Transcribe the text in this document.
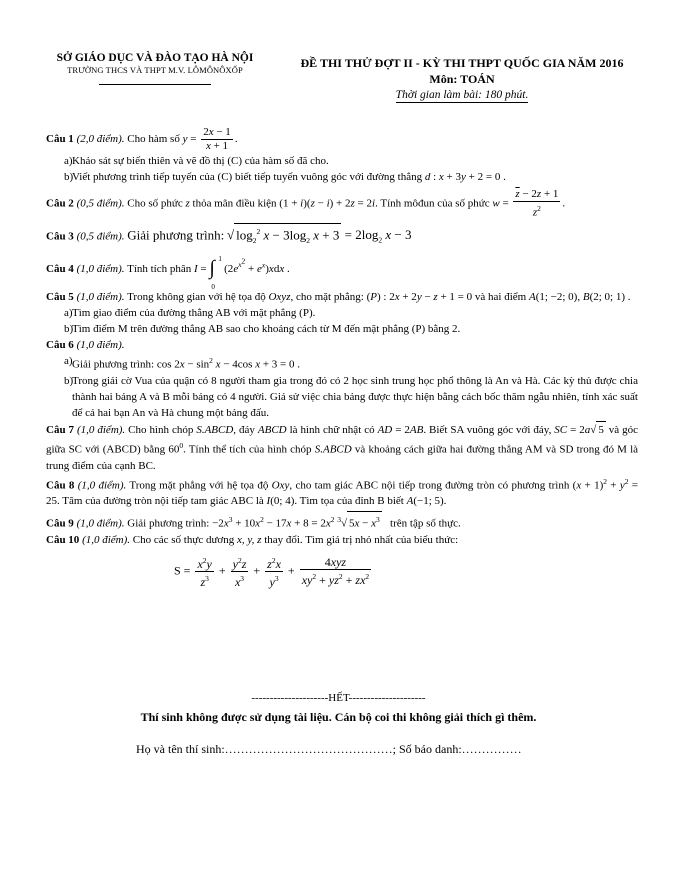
SỞ GIÁO DỤC VÀ ĐÀO TẠO HÀ NỘI
TRƯỜNG THCS VÀ THPT M.V. LÔMÔNÔXỐP	ĐỀ THI THỬ ĐỢT II - KỲ THI THPT QUỐC GIA NĂM 2016
Môn: TOÁN
Thời gian làm bài: 180 phút.

Câu 1 (2,0 điểm). Cho hàm số $y = \frac{2x - 1}{x + 1}$ .

a) Khảo sát sự biến thiên và vẽ đồ thị (C) của hàm số đã cho.
b)
Viết phương trình tiếp tuyến của (C) biết tiếp tuyến vuông góc với đường thẳng d : x + 3y + 2 = 0 .

Câu 2 (0,5 điểm). Cho số phức z thỏa mãn điều kiện (1 + i)(z − i) + 2z = 2i. Tính môđun của số phức $w = \frac{\overline{z} - 2z + 1}{z^2}$ .

Câu 3 (0,5 điểm). Giải phương trình: √ $\log_2^2 x - 3\log_2$ $x + 3 = 2\log_2$ x − 3

Câu 4 (1,0 điểm). Tính tích phân I = ∫ 1
0
$(2e^{x^2} + e^x)xdx$ .

Câu 5 (1,0 điểm). Trong không gian với hệ tọa độ Oxyz, cho mặt phẳng: (P) : 2x + 2y − z + 1 = 0 và hai điểm A(1; −2; 0), B(2; 0; 1) .

a) Tìm giao điểm của đường thẳng AB với mặt phẳng (P).
b)
Tìm điểm M trên đường thẳng AB sao cho khoảng cách từ M đến mặt phẳng (P) bằng 2.

Câu 6 (1,0 điểm).

a) Giải phương trình: $\cos 2x - \sin^2 x - 4\cos$ x + 3 = 0 .
b)
Trong giải cờ Vua của quận có 8 người tham gia trong đó có 2 học sinh trung học phổ thông là An và Hà. Các kỳ thủ được chia thành hai bảng A và B mỗi bảng có 4 người. Giả sử việc chia bảng được thực hiện bằng cách bốc thăm ngẫu nhiên, tính xác suất để cả hai bạn An và Hà chung một bảng đấu.

Câu 7 (1,0 điểm). Cho hình chóp S.ABCD, đáy ABCD là hình chữ nhật có AD = 2AB. Biết SA vuông góc với đáy, SC = 2a√ 5 và góc giữa SC với (ABCD) bằng $60^0$. Tính thể tích của hình chóp S.ABCD và khoảng cách giữa hai đường thẳng AM và SD trong đó M là trung điểm của cạnh BC.

Câu 8 (1,0 điểm). Trong mặt phẳng với hệ tọa độ Oxy, cho tam giác ABC nội tiếp trong đường tròn có phương trình $(x + 1)^2 + y^2 = 25$. Tâm của đường tròn nội tiếp tam giác ABC là I(0; 4). Tìm tọa của đỉnh B biết A(−1; 5).

Câu 9 (1,0 điểm). Giải phương trình: $-2x^3 + 10x^2 - 17x + 8 = 2x^2$ $^3$√ $5x - x^3$ trên tập số thực.

Câu 10 (1,0 điểm). Cho các số thực dương x, y, z thay đổi. Tìm giá trị nhỏ nhất của biểu thức:

$S = \frac{x^2y}{z^3} + \frac{y^2z}{x^3} + \frac{z^2x}{y^3} + \frac{\text{4xyz}}{xy^2 + yz^2 + zx^2}$
---------------------HẾT---------------------
Thí sinh không được sử dụng tài liệu. Cán bộ coi thi không giải thích gì thêm.
Họ và tên thí sinh:……………………………………; Số báo danh:……………
